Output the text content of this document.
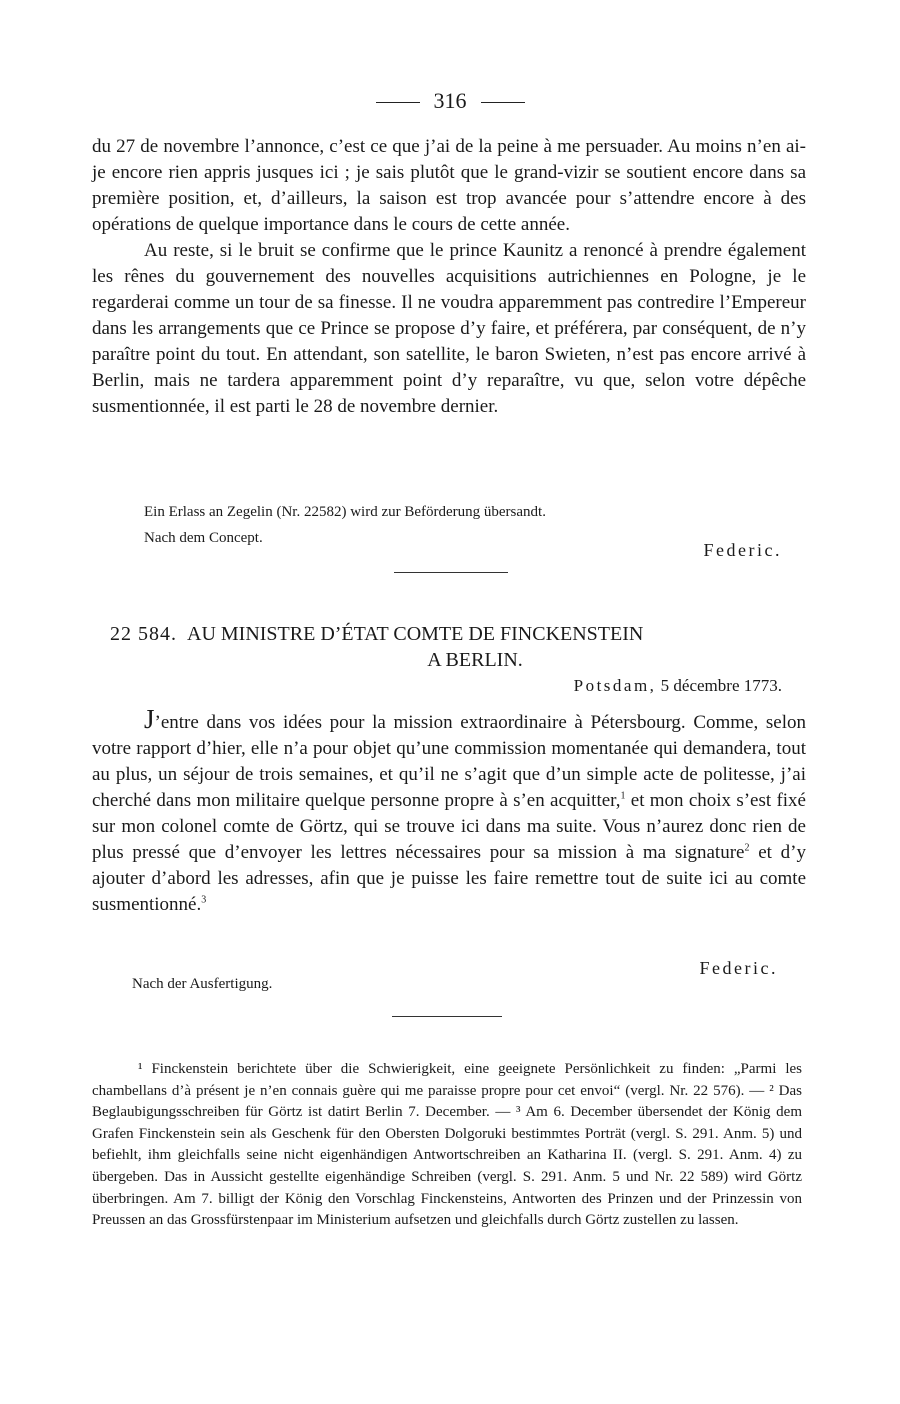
316

du 27 de novembre l’annonce, c’est ce que j’ai de la peine à me persuader. Au moins n’en ai-je encore rien appris jusques ici ; je sais plutôt que le grand-vizir se soutient encore dans sa première position, et, d’ailleurs, la saison est trop avancée pour s’attendre encore à des opérations de quelque importance dans le cours de cette année.

Au reste, si le bruit se confirme que le prince Kaunitz a renoncé à prendre également les rênes du gouvernement des nouvelles acquisitions autrichiennes en Pologne, je le regarderai comme un tour de sa finesse. Il ne voudra apparemment pas contredire l’Empereur dans les arrangements que ce Prince se propose d’y faire, et préférera, par conséquent, de n’y paraître point du tout. En attendant, son satellite, le baron Swieten, n’est pas encore arrivé à Berlin, mais ne tardera apparemment point d’y reparaître, vu que, selon votre dépêche susmentionnée, il est parti le 28 de novembre dernier.

Ein Erlass an Zegelin (Nr. 22582) wird zur Beförderung übersandt.
Nach dem Concept.
Federic.
22 584. AU MINISTRE D’ÉTAT COMTE DE FINCKENSTEIN
A BERLIN.
Potsdam, 5 décembre 1773.

J’entre dans vos idées pour la mission extraordinaire à Pétersbourg. Comme, selon votre rapport d’hier, elle n’a pour objet qu’une commission momentanée qui demandera, tout au plus, un séjour de trois semaines, et qu’il ne s’agit que d’un simple acte de politesse, j’ai cherché dans mon militaire quelque personne propre à s’en acquitter,$^1$ et mon choix s’est fixé sur mon colonel comte de Görtz, qui se trouve ici dans ma suite. Vous n’aurez donc rien de plus pressé que d’envoyer les lettres nécessaires pour sa mission à ma signature$^2$ et d’y ajouter d’abord les adresses, afin que je puisse les faire remettre tout de suite ici au comte susmentionné.$^3$

Federic.
Nach der Ausfertigung.

¹ Finckenstein berichtete über die Schwierigkeit, eine geeignete Persönlichkeit zu finden: „Parmi les chambellans d’à présent je n’en connais guère qui me paraisse propre pour cet envoi“ (vergl. Nr. 22 576). — ² Das Beglaubigungsschreiben für Görtz ist datirt Berlin 7. December. — ³ Am 6. December übersendet der König dem Grafen Finckenstein sein als Geschenk für den Obersten Dolgoruki bestimmtes Porträt (vergl. S. 291. Anm. 5) und befiehlt, ihm gleichfalls seine nicht eigenhändigen Antwortschreiben an Katharina II. (vergl. S. 291. Anm. 4) zu übergeben. Das in Aussicht gestellte eigenhändige Schreiben (vergl. S. 291. Anm. 5 und Nr. 22 589) wird Görtz überbringen. Am 7. billigt der König den Vorschlag Finckensteins, Antworten des Prinzen und der Prinzessin von Preussen an das Grossfürstenpaar im Ministerium aufsetzen und gleichfalls durch Görtz zustellen zu lassen.
